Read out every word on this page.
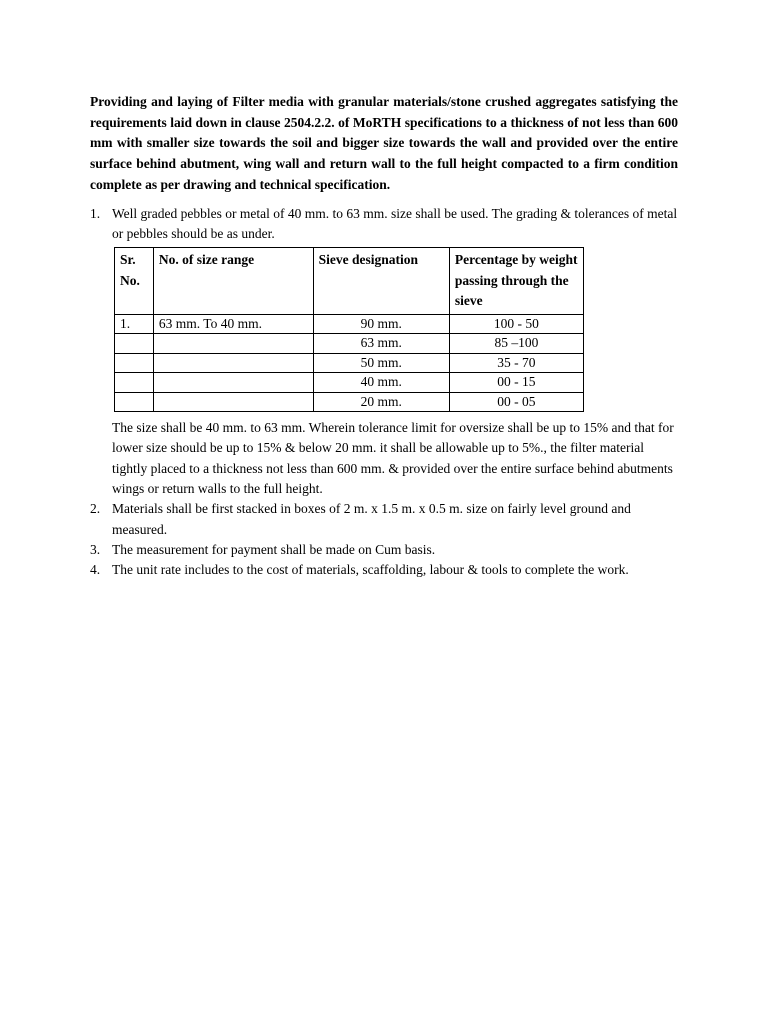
Providing and laying of Filter media with granular materials/stone crushed aggregates satisfying the requirements laid down in clause 2504.2.2. of MoRTH specifications to a thickness of not less than 600 mm with smaller size towards the soil and bigger size towards the wall and provided over the entire surface behind abutment, wing wall and return wall to the full height compacted to a firm condition complete as per drawing and technical specification.

1. Well graded pebbles or metal of 40 mm. to 63 mm. size shall be used. The grading & tolerances of metal or pebbles should be as under.
Sr. No.	No. of size range	Sieve designation	Percentage by weight passing through the sieve
1.	63 mm. To 40 mm.	90 mm.	100 - 50
		63 mm.	85 –100
		50 mm.	35 - 70
		40 mm.	00 - 15
		20 mm.	00 - 05

The size shall be 40 mm. to 63 mm. Wherein tolerance limit for oversize shall be up to 15% and that for lower size should be up to 15% & below 20 mm. it shall be allowable up to 5%., the filter material tightly placed to a thickness not less than 600 mm. & provided over the entire surface behind abutments wings or return walls to the full height.

2. Materials shall be first stacked in boxes of 2 m. x 1.5 m. x 0.5 m. size on fairly level ground and measured.
3. The measurement for payment shall be made on Cum basis.
4. The unit rate includes to the cost of materials, scaffolding, labour & tools to complete the work.
